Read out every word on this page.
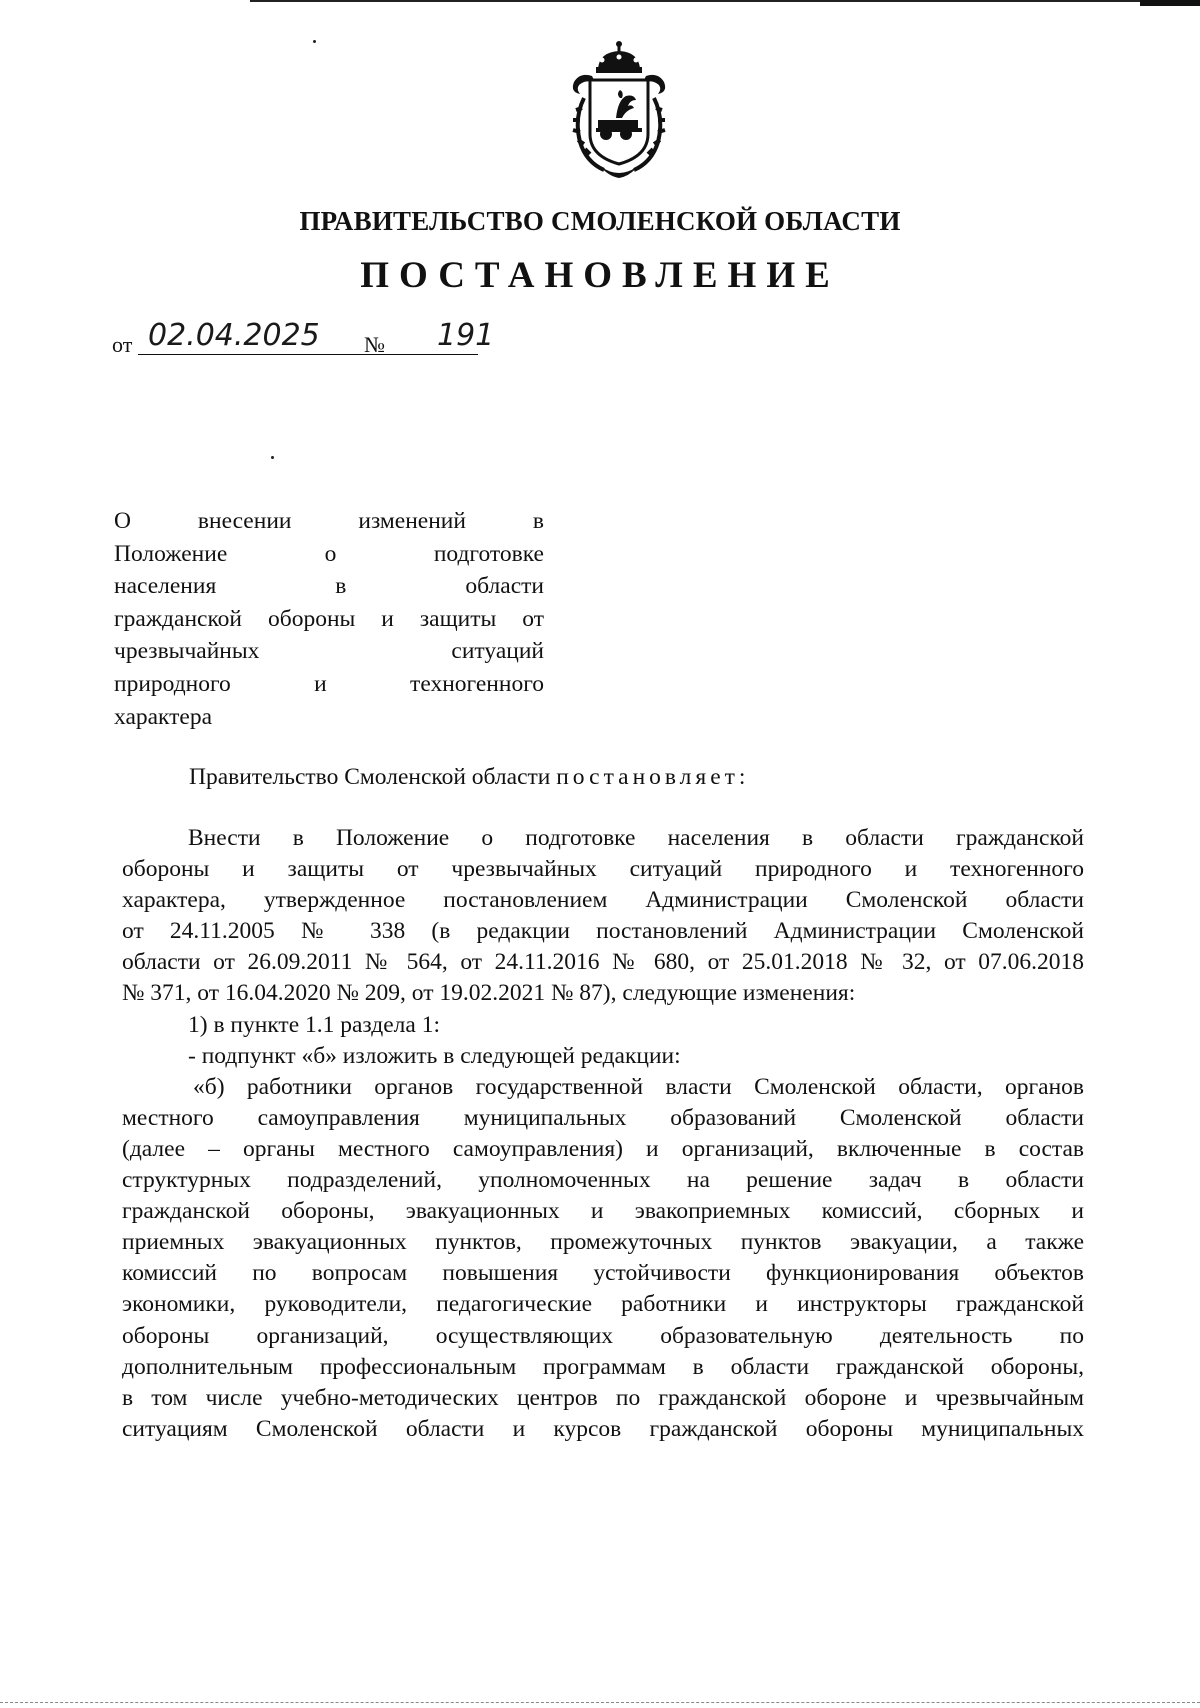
ПРАВИТЕЛЬСТВО СМОЛЕНСКОЙ ОБЛАСТИ
ПОСТАНОВЛЕНИЕ
от 02.04.2025 № 191
О внесении изменений в
Положение о подготовке
населения в области
гражданской обороны и защиты от
чрезвычайных ситуаций
природного и техногенного
характера
Правительство Смоленской области постановляет:
Внести в Положение о подготовке населения в области гражданской
обороны и защиты от чрезвычайных ситуаций природного и техногенного
характера, утвержденное постановлением Администрации Смоленской области
от 24.11.2005 № 338 (в редакции постановлений Администрации Смоленской
области от 26.09.2011 № 564, от 24.11.2016 № 680, от 25.01.2018 № 32, от 07.06.2018
№ 371, от 16.04.2020 № 209, от 19.02.2021 № 87), следующие изменения:
1) в пункте 1.1 раздела 1:
- подпункт «б» изложить в следующей редакции:
«б) работники органов государственной власти Смоленской области, органов
местного самоуправления муниципальных образований Смоленской области
(далее – органы местного самоуправления) и организаций, включенные в состав
структурных подразделений, уполномоченных на решение задач в области
гражданской обороны, эвакуационных и эвакоприемных комиссий, сборных и
приемных эвакуационных пунктов, промежуточных пунктов эвакуации, а также
комиссий по вопросам повышения устойчивости функционирования объектов
экономики, руководители, педагогические работники и инструкторы гражданской
обороны организаций, осуществляющих образовательную деятельность по
дополнительным профессиональным программам в области гражданской обороны,
в том числе учебно-методических центров по гражданской обороне и чрезвычайным
ситуациям Смоленской области и курсов гражданской обороны муниципальных
